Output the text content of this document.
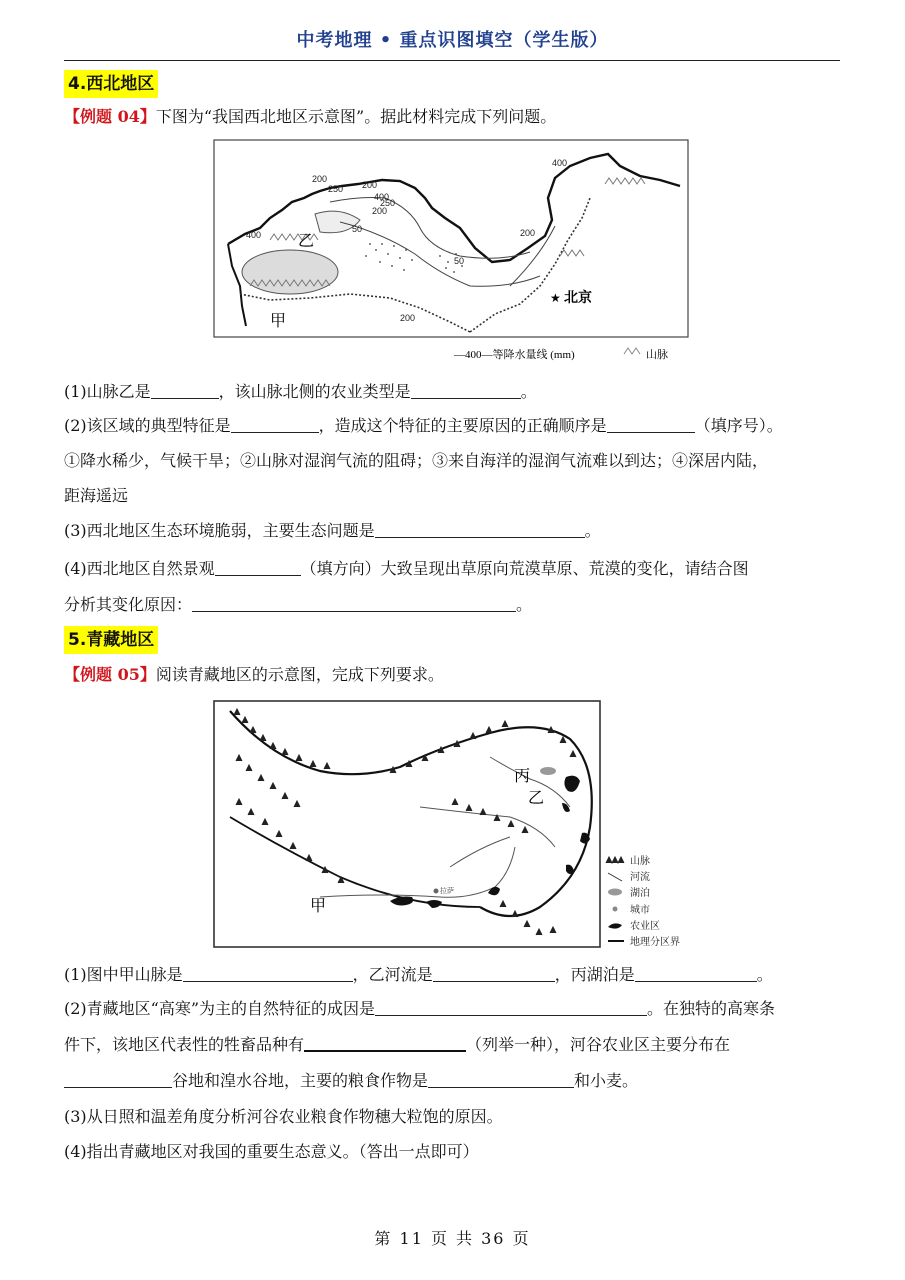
中考地理 • 重点识图填空（学生版）
4.西北地区
【例题 04】下图为“我国西北地区示意图”。据此材料完成下列问题。
乙
甲
★ 北京
400
400
200
200
250
250
200
50
50
200
400
200
—400—等降水量线 (mm)	山脉
(1)山脉乙是	，该山脉北侧的农业类型是	。
(2)该区域的典型特征是	，造成这个特征的主要原因的正确顺序是	（填序号）。
①降水稀少，气候干旱；②山脉对湿润气流的阻碍；③来自海洋的湿润气流难以到达；④深居内陆，
距海遥远
(3)西北地区生态环境脆弱，主要生态问题是	。
(4)西北地区自然景观	（填方向）大致呈现出草原向荒漠草原、荒漠的变化，请结合图
分析其变化原因：	。
5.青藏地区
【例题 05】阅读青藏地区的示意图，完成下列要求。
丙
乙
甲
拉萨
山脉
河流
湖泊
城市
农业区
地理分区界
(1)图中甲山脉是	，乙河流是	，丙湖泊是	。
(2)青藏地区“高寒”为主的自然特征的成因是	。在独特的高寒条
件下，该地区代表性的牲畜品种有	（列举一种），河谷农业区主要分布在
谷地和湟水谷地，主要的粮食作物是	和小麦。
(3)从日照和温差角度分析河谷农业粮食作物穗大粒饱的原因。
(4)指出青藏地区对我国的重要生态意义。（答出一点即可）
第 11 页 共 36 页
